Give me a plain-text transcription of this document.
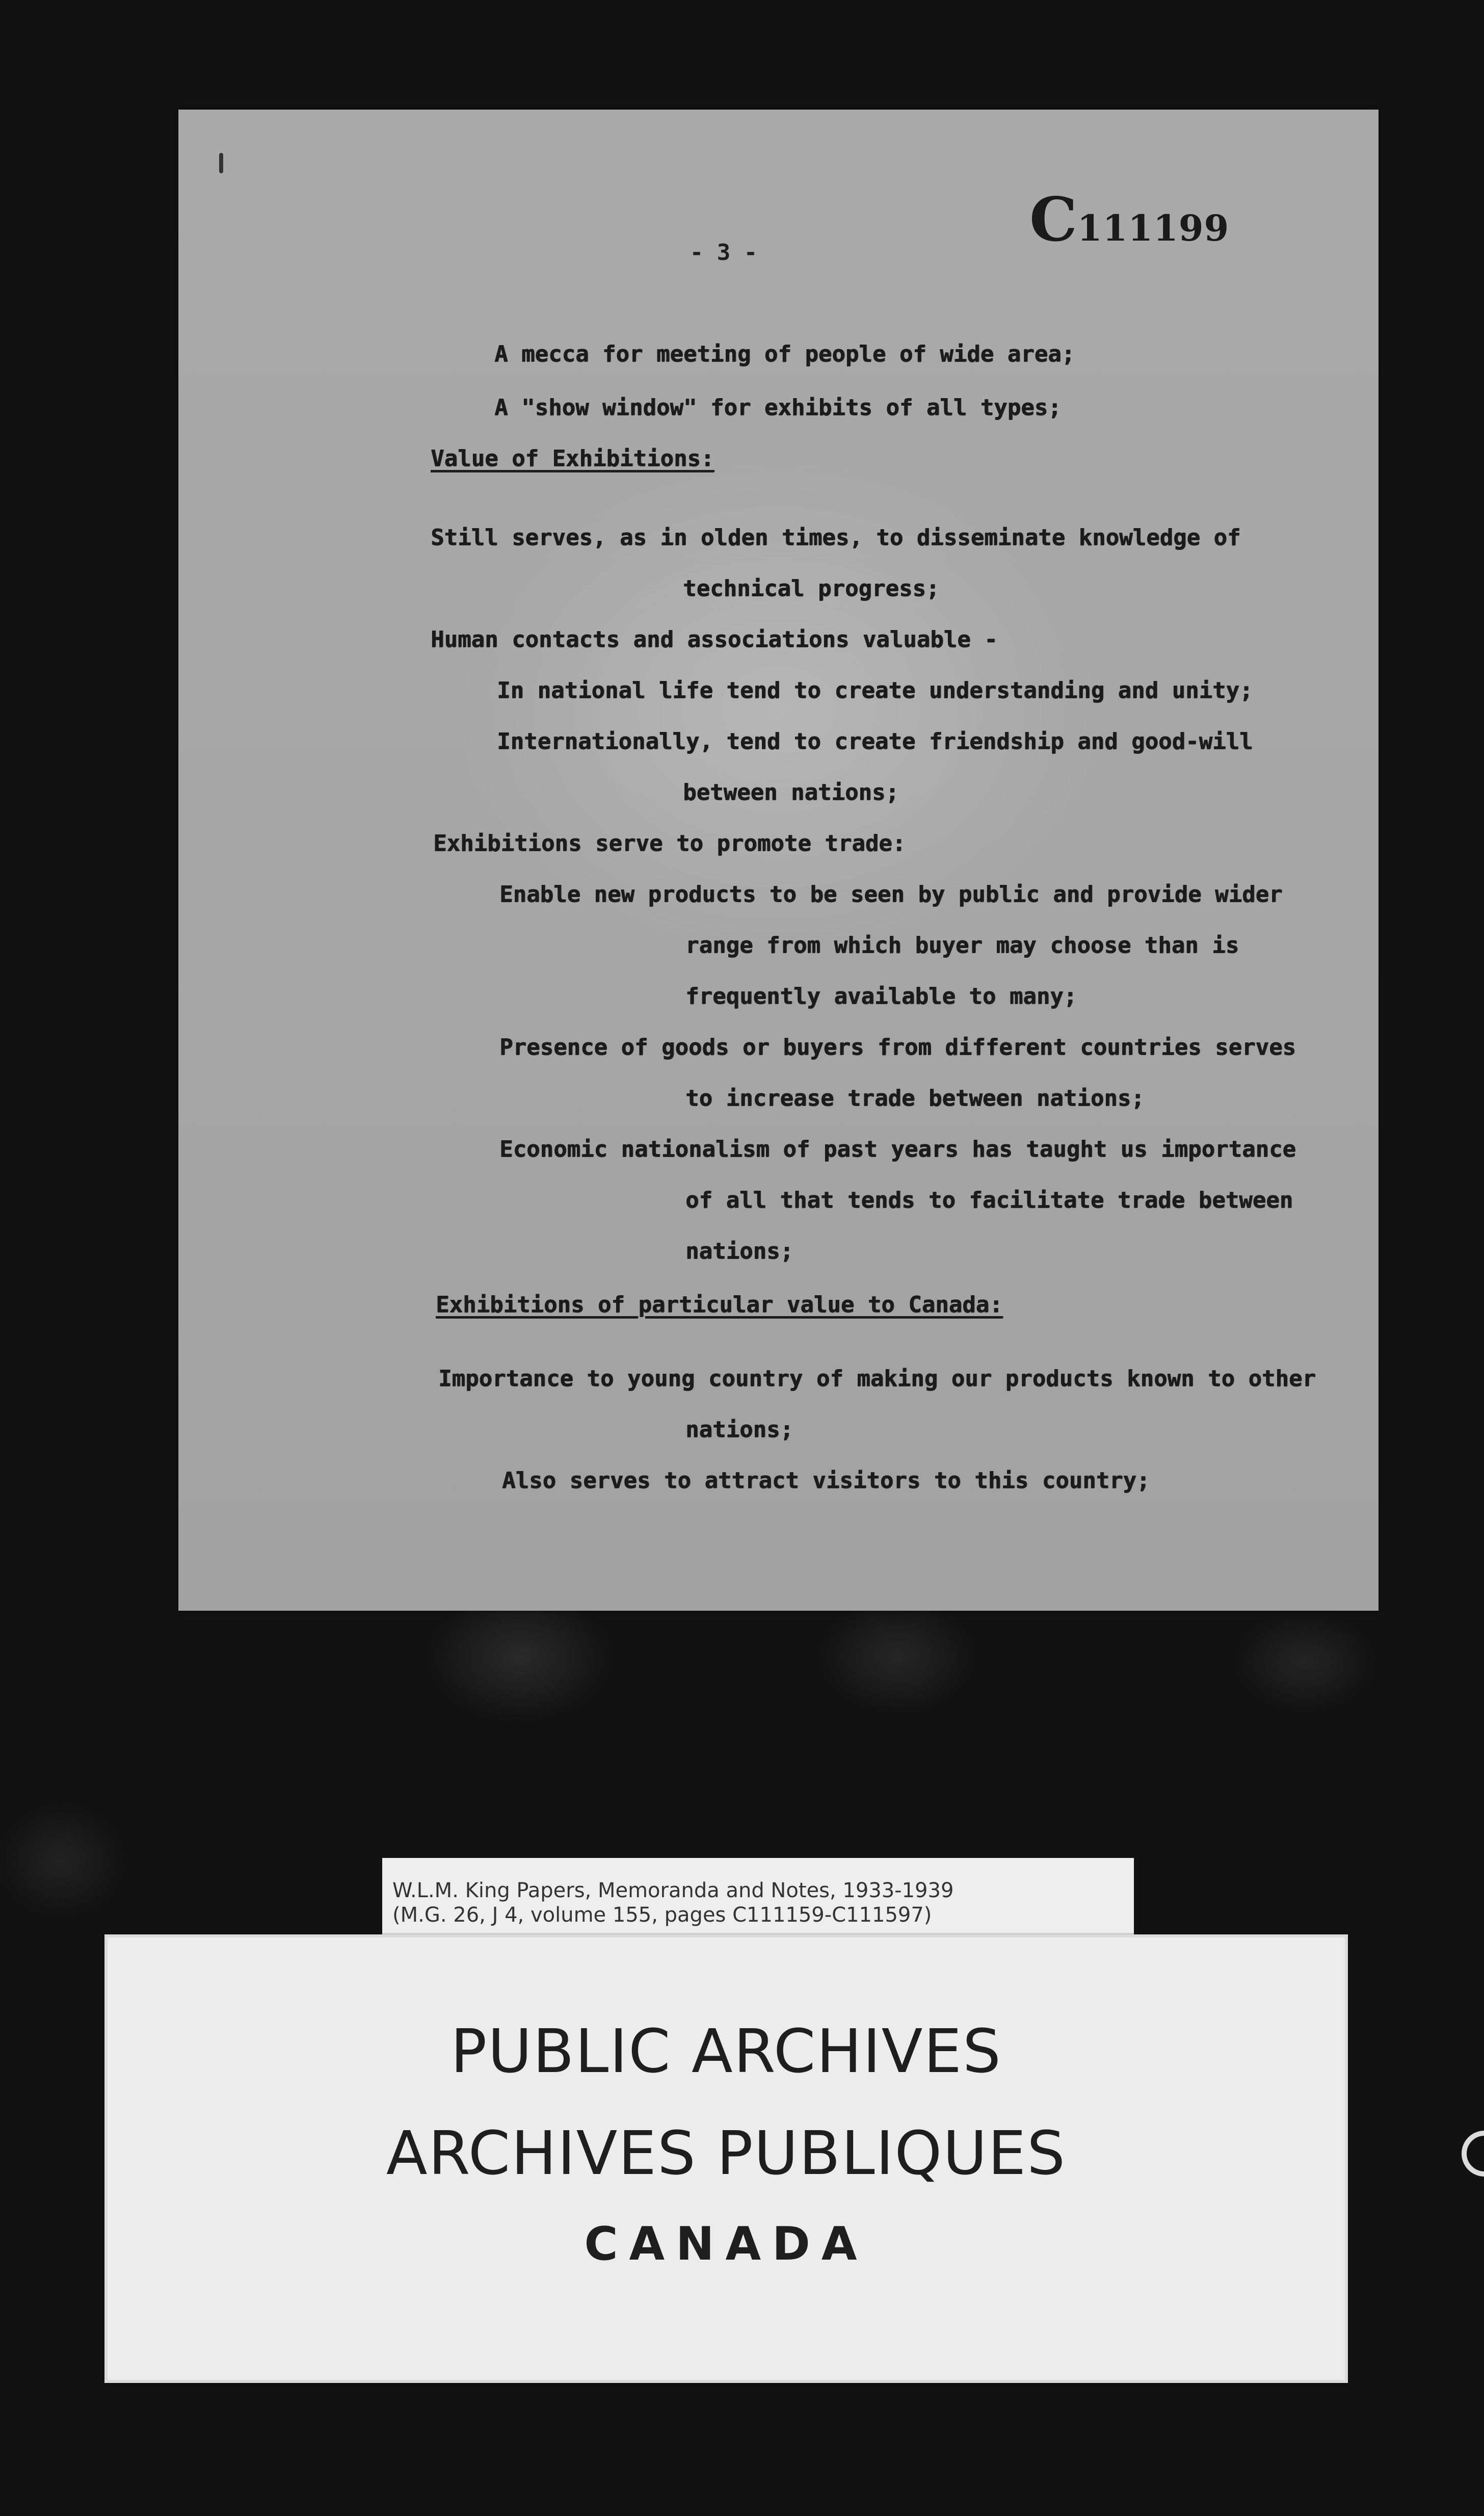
C 111199
- 3 -
A mecca for meeting of people of wide area;
A "show window" for exhibits of all types;
Value of Exhibitions:
Still serves, as in olden times, to disseminate knowledge of
technical progress;
Human contacts and associations valuable -
In national life tend to create understanding and unity;
Internationally, tend to create friendship and good-will
between nations;
Exhibitions serve to promote trade:
Enable new products to be seen by public and provide wider
range from which buyer may choose than is
frequently available to many;
Presence of goods or buyers from different countries serves
to increase trade between nations;
Economic nationalism of past years has taught us importance
of all that tends to facilitate trade between
nations;
Exhibitions of particular value to Canada:
Importance to young country of making our products known to other
nations;
Also serves to attract visitors to this country;
W.L.M. King Papers, Memoranda and Notes, 1933-1939
(M.G. 26, J 4, volume 155, pages C111159-C111597)
PUBLIC ARCHIVES
ARCHIVES PUBLIQUES
CANADA
